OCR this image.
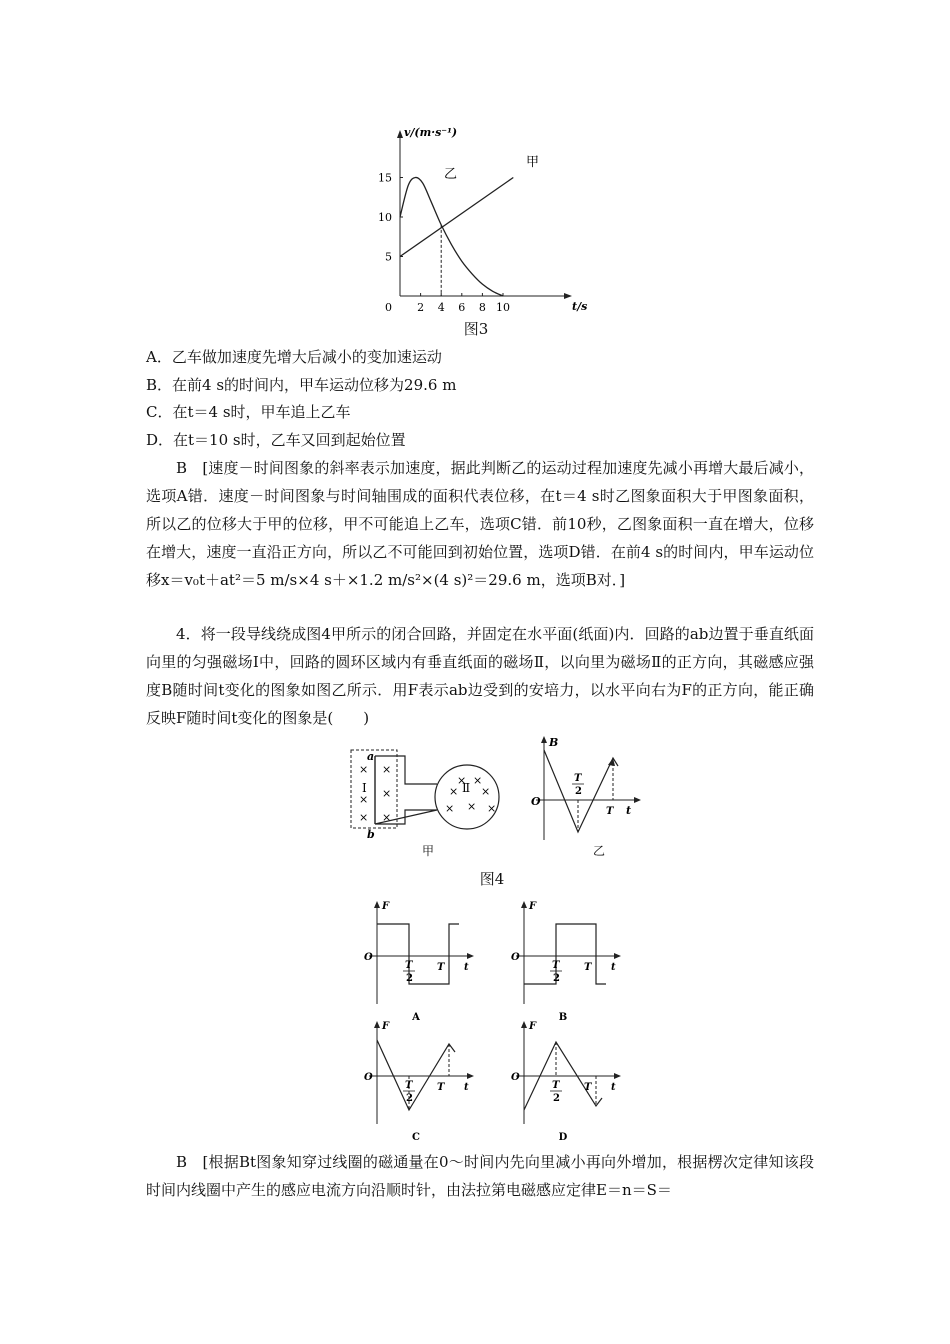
15
10
5
0 2 4 6 8 10
v/(m·s⁻¹)
t/s
甲
乙
图3
A．乙车做加速度先增大后减小的变加速运动
B．在前4 s的时间内，甲车运动位移为29.6 m
C．在t＝4 s时，甲车追上乙车
D．在t＝10 s时，乙车又回到起始位置
B　[速度－时间图象的斜率表示加速度，据此判断乙的运动过程加速度先减小再增大最后减小，选项A错．速度－时间图象与时间轴围成的面积代表位移，在t＝4 s时乙图象面积大于甲图象面积，所以乙的位移大于甲的位移，甲不可能追上乙车，选项C错．前10秒，乙图象面积一直在增大，位移在增大，速度一直沿正方向，所以乙不可能回到初始位置，选项D错．在前4 s的时间内，甲车运动位移x＝v₀t＋at²＝5 m/s×4 s＋×1.2 m/s²×(4 s)²＝29.6 m，选项B对．]
4．将一段导线绕成图4甲所示的闭合回路，并固定在水平面(纸面)内．回路的ab边置于垂直纸面向里的匀强磁场Ⅰ中，回路的圆环区域内有垂直纸面的磁场Ⅱ，以向里为磁场Ⅱ的正方向，其磁感应强度B随时间t变化的图象如图乙所示．用F表示ab边受到的安培力，以水平向右为F的正方向，能正确反映F随时间t变化的图象是(　　)
a
b
Ⅰ	Ⅱ
×
×
×
×
×
×
× ×
× ×
× × ×
甲
B
t
O
T
2
T
乙
图4
F
O
t
T
2
T
A
F
O
t
T
2
T
B
F
O
t
T
2
T
C
F
O
t
T
2
T
D
B　[根据Bt图象知穿过线圈的磁通量在0～时间内先向里减小再向外增加，根据楞次定律知该段时间内线圈中产生的感应电流方向沿顺时针，由法拉第电磁感应定律E＝n＝S＝
